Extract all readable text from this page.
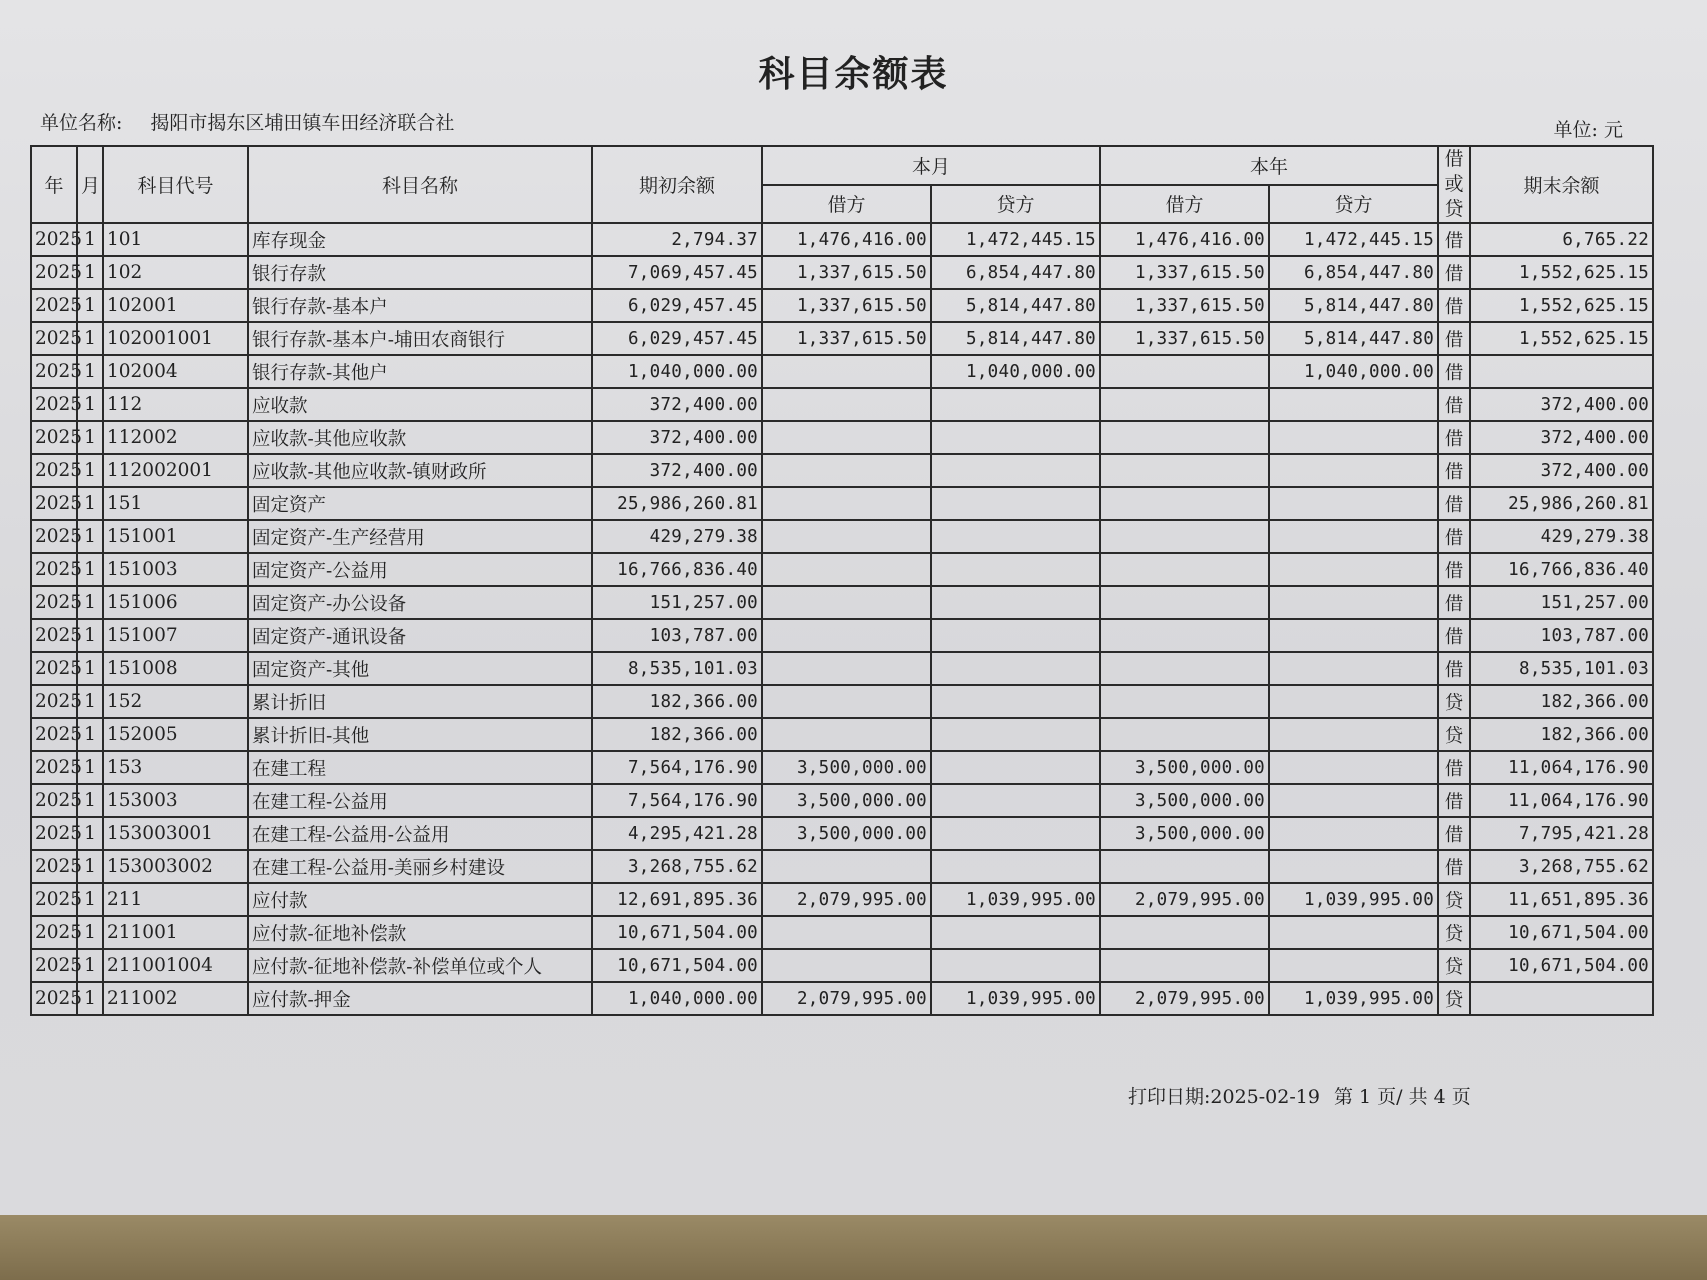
科目余额表
单位名称: 揭阳市揭东区埔田镇车田经济联合社	单位: 元
年	月	科目代号	科目名称	期初余额	本月		本年		借
或
贷	期末余额
					借方	贷方	借方	贷方		
2025	1	101	库存现金	2,794.37	1,476,416.00	1,472,445.15	1,476,416.00	1,472,445.15	借	6,765.22
2025	1	102	银行存款	7,069,457.45	1,337,615.50	6,854,447.80	1,337,615.50	6,854,447.80	借	1,552,625.15
2025	1	102001	银行存款-基本户	6,029,457.45	1,337,615.50	5,814,447.80	1,337,615.50	5,814,447.80	借	1,552,625.15
2025	1	102001001	银行存款-基本户-埔田农商银行	6,029,457.45	1,337,615.50	5,814,447.80	1,337,615.50	5,814,447.80	借	1,552,625.15
2025	1	102004	银行存款-其他户	1,040,000.00		1,040,000.00		1,040,000.00	借	
2025	1	112	应收款	372,400.00					借	372,400.00
2025	1	112002	应收款-其他应收款	372,400.00					借	372,400.00
2025	1	112002001	应收款-其他应收款-镇财政所	372,400.00					借	372,400.00
2025	1	151	固定资产	25,986,260.81					借	25,986,260.81
2025	1	151001	固定资产-生产经营用	429,279.38					借	429,279.38
2025	1	151003	固定资产-公益用	16,766,836.40					借	16,766,836.40
2025	1	151006	固定资产-办公设备	151,257.00					借	151,257.00
2025	1	151007	固定资产-通讯设备	103,787.00					借	103,787.00
2025	1	151008	固定资产-其他	8,535,101.03					借	8,535,101.03
2025	1	152	累计折旧	182,366.00					贷	182,366.00
2025	1	152005	累计折旧-其他	182,366.00					贷	182,366.00
2025	1	153	在建工程	7,564,176.90	3,500,000.00		3,500,000.00		借	11,064,176.90
2025	1	153003	在建工程-公益用	7,564,176.90	3,500,000.00		3,500,000.00		借	11,064,176.90
2025	1	153003001	在建工程-公益用-公益用	4,295,421.28	3,500,000.00		3,500,000.00		借	7,795,421.28
2025	1	153003002	在建工程-公益用-美丽乡村建设	3,268,755.62					借	3,268,755.62
2025	1	211	应付款	12,691,895.36	2,079,995.00	1,039,995.00	2,079,995.00	1,039,995.00	贷	11,651,895.36
2025	1	211001	应付款-征地补偿款	10,671,504.00					贷	10,671,504.00
2025	1	211001004	应付款-征地补偿款-补偿单位或个人	10,671,504.00					贷	10,671,504.00
2025	1	211002	应付款-押金	1,040,000.00	2,079,995.00	1,039,995.00	2,079,995.00	1,039,995.00	贷	
打印日期:2025-02-19 第 1 页/ 共 4 页
